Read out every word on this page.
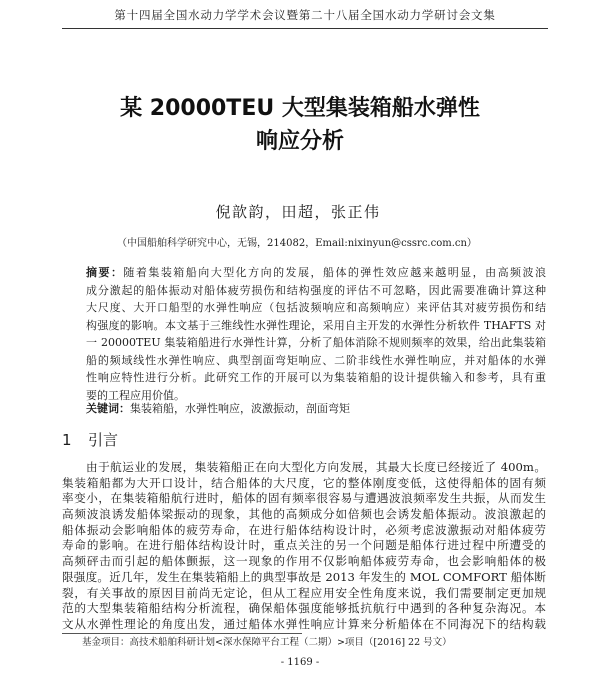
第十四届全国水动力学学术会议暨第二十八届全国水动力学研讨会文集
某 20000TEU 大型集装箱船水弹性
响应分析
倪歆韵，田超，张正伟
（中国船舶科学研究中心，无锡，214082，Email:nixinyun@cssrc.com.cn）
摘要：随着集装箱船向大型化方向的发展，船体的弹性效应越来越明显，由高频波浪
成分激起的船体振动对船体疲劳损伤和结构强度的评估不可忽略，因此需要准确计算这种
大尺度、大开口船型的水弹性响应（包括波频响应和高频响应）来评估其对疲劳损伤和结
构强度的影响。本文基于三维线性水弹性理论，采用自主开发的水弹性分析软件 THAFTS 对
一 20000TEU 集装箱船进行水弹性计算，分析了船体消除不规则频率的效果，给出此集装箱
船的频域线性水弹性响应、典型剖面弯矩响应、二阶非线性水弹性响应，并对船体的水弹
性响应特性进行分析。此研究工作的开展可以为集装箱船的设计提供输入和参考，具有重
要的工程应用价值。
关键词：集装箱船，水弹性响应，波激振动，剖面弯矩
1 引言
由于航运业的发展，集装箱船正在向大型化方向发展，其最大长度已经接近了 400m。
集装箱船都为大开口设计，结合船体的大尺度，它的整体刚度变低，这使得船体的固有频
率变小，在集装箱船航行进时，船体的固有频率很容易与遭遇波浪频率发生共振，从而发生
高频波浪诱发船体梁振动的现象，其他的高频成分如倍频也会诱发船体振动。波浪激起的
船体振动会影响船体的疲劳寿命，在进行船体结构设计时，必须考虑波激振动对船体疲劳
寿命的影响。在进行船体结构设计时，重点关注的另一个问题是船体行进过程中所遭受的
高频砰击而引起的船体颤振，这一现象的作用不仅影响船体疲劳寿命，也会影响船体的极
限强度。近几年，发生在集装箱船上的典型事故是 2013 年发生的 MOL COMFORT 船体断
裂，有关事故的原因目前尚无定论，但从工程应用安全性角度来说，我们需要制定更加规
范的大型集装箱船结构分析流程，确保船体强度能够抵抗航行中遇到的各种复杂海况。本
文从水弹性理论的角度出发，通过船体水弹性响应计算来分析船体在不同海况下的结构载
基金项目：高技术船舶科研计划<深水保障平台工程（二期）>项目（[2016] 22 号文）
- 1169 -
